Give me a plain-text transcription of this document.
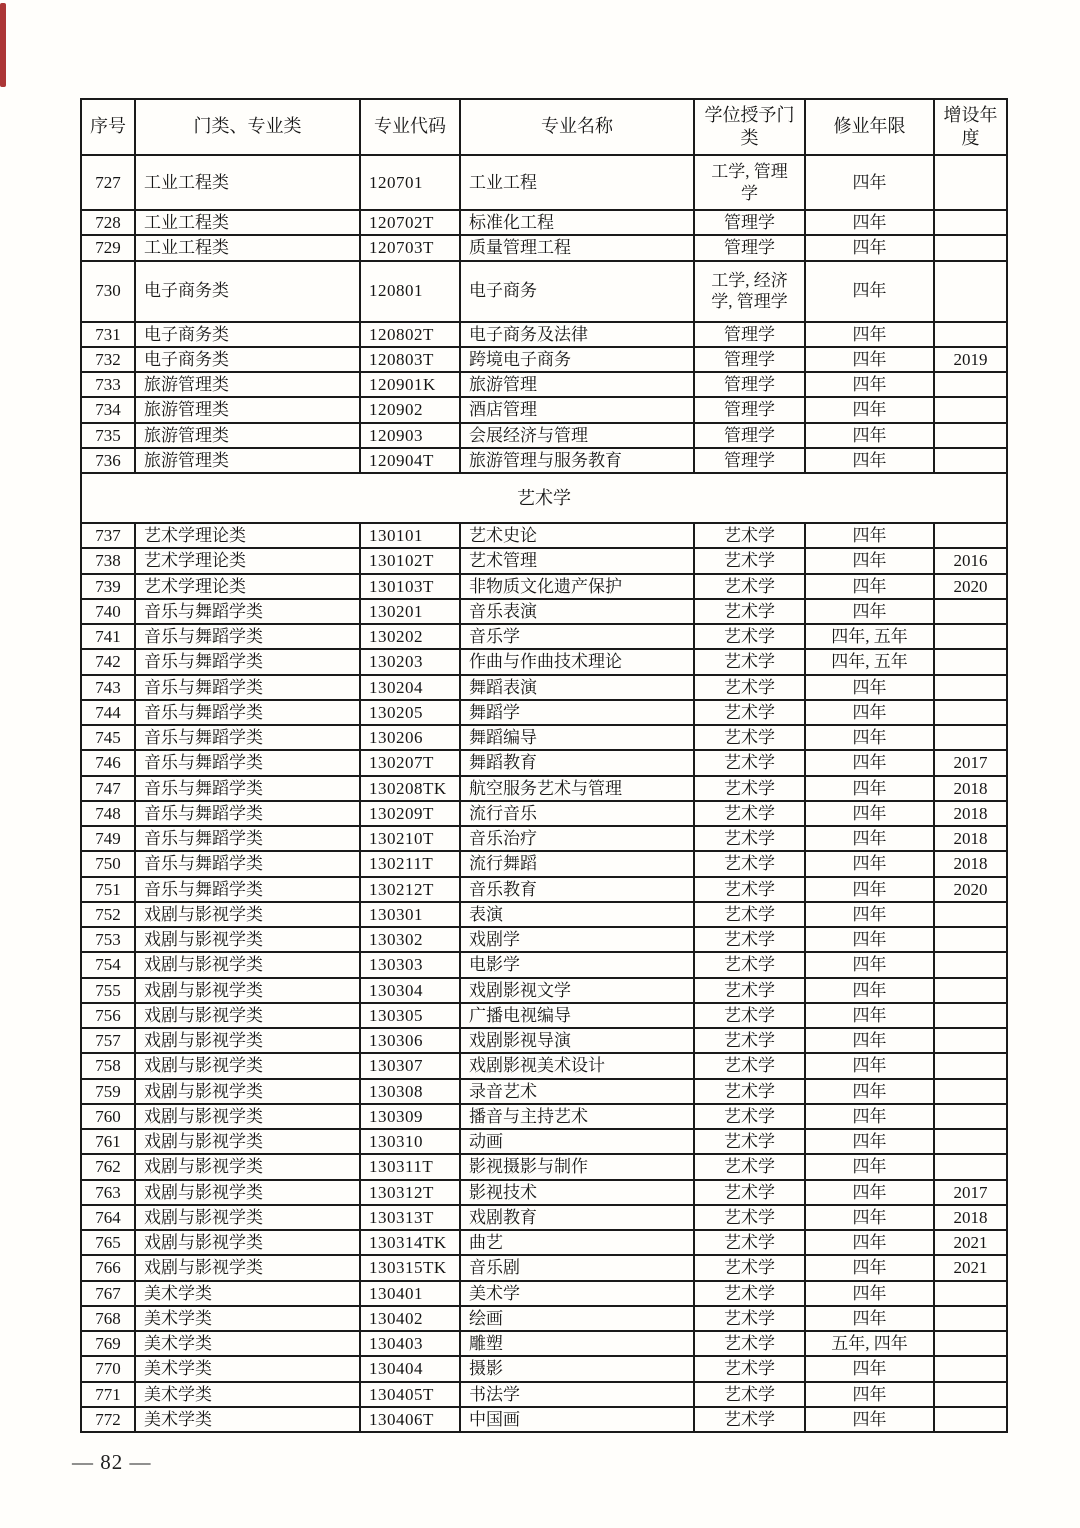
序号	门类、专业类	专业代码	专业名称	学位授予门类	修业年限	增设年度
727	工业工程类	120701	工业工程	工学, 管理学	四年	
728	工业工程类	120702T	标准化工程	管理学	四年	
729	工业工程类	120703T	质量管理工程	管理学	四年	
730	电子商务类	120801	电子商务	工学, 经济学, 管理学	四年	
731	电子商务类	120802T	电子商务及法律	管理学	四年	
732	电子商务类	120803T	跨境电子商务	管理学	四年	2019
733	旅游管理类	120901K	旅游管理	管理学	四年	
734	旅游管理类	120902	酒店管理	管理学	四年	
735	旅游管理类	120903	会展经济与管理	管理学	四年	
736	旅游管理类	120904T	旅游管理与服务教育	管理学	四年	
艺术学						
737	艺术学理论类	130101	艺术史论	艺术学	四年	
738	艺术学理论类	130102T	艺术管理	艺术学	四年	2016
739	艺术学理论类	130103T	非物质文化遗产保护	艺术学	四年	2020
740	音乐与舞蹈学类	130201	音乐表演	艺术学	四年	
741	音乐与舞蹈学类	130202	音乐学	艺术学	四年, 五年	
742	音乐与舞蹈学类	130203	作曲与作曲技术理论	艺术学	四年, 五年	
743	音乐与舞蹈学类	130204	舞蹈表演	艺术学	四年	
744	音乐与舞蹈学类	130205	舞蹈学	艺术学	四年	
745	音乐与舞蹈学类	130206	舞蹈编导	艺术学	四年	
746	音乐与舞蹈学类	130207T	舞蹈教育	艺术学	四年	2017
747	音乐与舞蹈学类	130208TK	航空服务艺术与管理	艺术学	四年	2018
748	音乐与舞蹈学类	130209T	流行音乐	艺术学	四年	2018
749	音乐与舞蹈学类	130210T	音乐治疗	艺术学	四年	2018
750	音乐与舞蹈学类	130211T	流行舞蹈	艺术学	四年	2018
751	音乐与舞蹈学类	130212T	音乐教育	艺术学	四年	2020
752	戏剧与影视学类	130301	表演	艺术学	四年	
753	戏剧与影视学类	130302	戏剧学	艺术学	四年	
754	戏剧与影视学类	130303	电影学	艺术学	四年	
755	戏剧与影视学类	130304	戏剧影视文学	艺术学	四年	
756	戏剧与影视学类	130305	广播电视编导	艺术学	四年	
757	戏剧与影视学类	130306	戏剧影视导演	艺术学	四年	
758	戏剧与影视学类	130307	戏剧影视美术设计	艺术学	四年	
759	戏剧与影视学类	130308	录音艺术	艺术学	四年	
760	戏剧与影视学类	130309	播音与主持艺术	艺术学	四年	
761	戏剧与影视学类	130310	动画	艺术学	四年	
762	戏剧与影视学类	130311T	影视摄影与制作	艺术学	四年	
763	戏剧与影视学类	130312T	影视技术	艺术学	四年	2017
764	戏剧与影视学类	130313T	戏剧教育	艺术学	四年	2018
765	戏剧与影视学类	130314TK	曲艺	艺术学	四年	2021
766	戏剧与影视学类	130315TK	音乐剧	艺术学	四年	2021
767	美术学类	130401	美术学	艺术学	四年	
768	美术学类	130402	绘画	艺术学	四年	
769	美术学类	130403	雕塑	艺术学	五年, 四年	
770	美术学类	130404	摄影	艺术学	四年	
771	美术学类	130405T	书法学	艺术学	四年	
772	美术学类	130406T	中国画	艺术学	四年	
— 82 —
